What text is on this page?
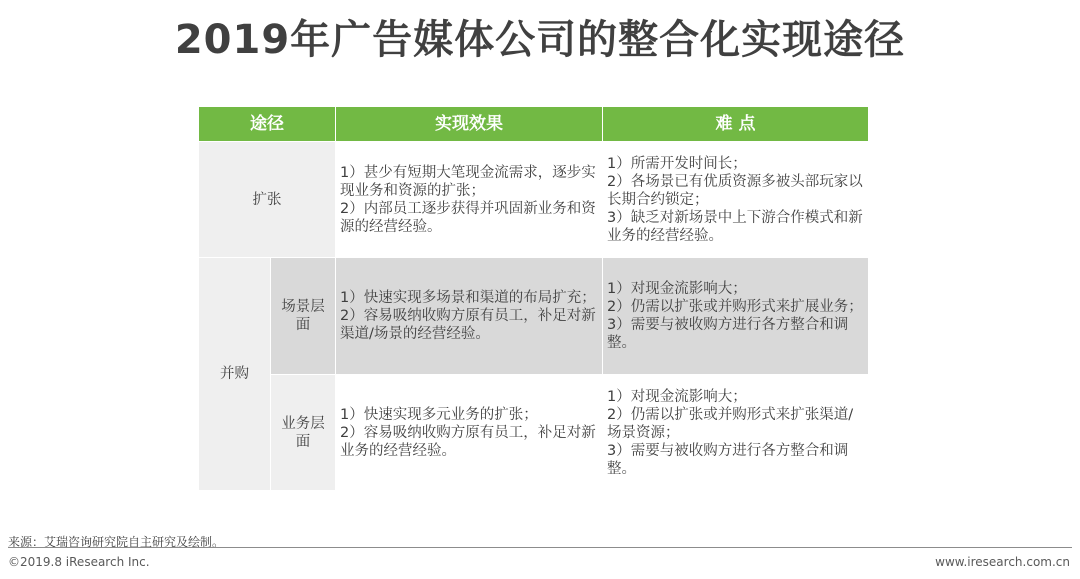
2019年广告媒体公司的整合化实现途径
途径		实现效果	难 点
扩张		1）甚少有短期大笔现金流需求，逐步实现业务和资源的扩张；
2）内部员工逐步获得并巩固新业务和资源的经营经验。	1）所需开发时间长；
2）各场景已有优质资源多被头部玩家以长期合约锁定；
3）缺乏对新场景中上下游合作模式和新业务的经营经验。
并购	场景层面	1）快速实现多场景和渠道的布局扩充；
2）容易吸纳收购方原有员工，补足对新渠道/场景的经营经验。	1）对现金流影响大；
2）仍需以扩张或并购形式来扩展业务；
3）需要与被收购方进行各方整合和调整。
	业务层面	1）快速实现多元业务的扩张；
2）容易吸纳收购方原有员工，补足对新业务的经营经验。	1）对现金流影响大；
2）仍需以扩张或并购形式来扩张渠道/场景资源；
3）需要与被收购方进行各方整合和调整。
来源：艾瑞咨询研究院自主研究及绘制。
©2019.8 iResearch Inc.	www.iresearch.com.cn
